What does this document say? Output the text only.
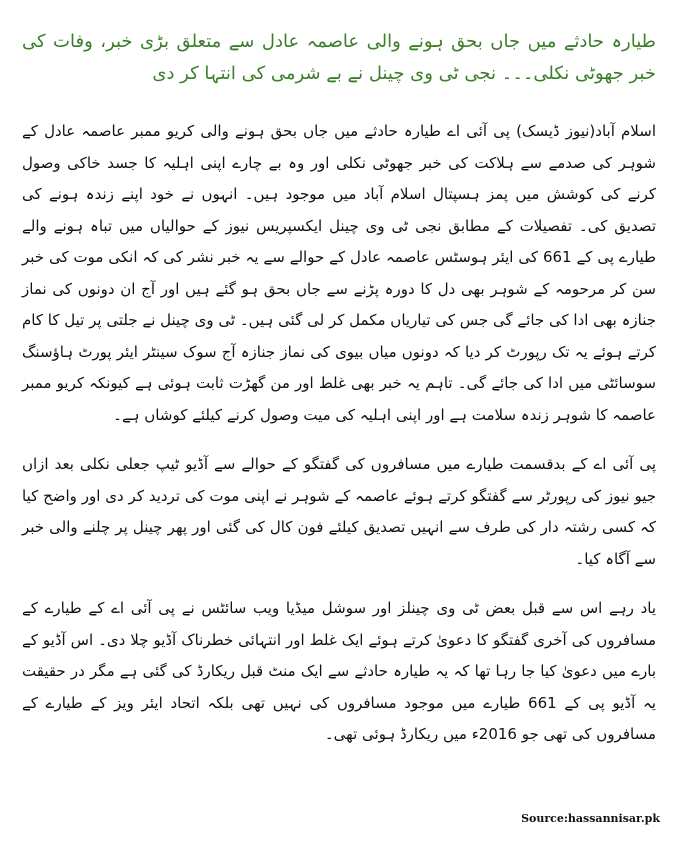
طیارہ حادثے میں جاں بحق ہونے والی عاصمہ عادل سے متعلق بڑی خبر، وفات کی خبر جھوٹی نکلی۔۔۔ نجی ٹی وی چینل نے بے شرمی کی انتہا کر دی

اسلام آباد(نیوز ڈیسک) پی آئی اے طیارہ حادثے میں جاں بحق ہونے والی کریو ممبر عاصمہ عادل کے شوہر کی صدمے سے ہلاکت کی خبر جھوٹی نکلی اور وہ بے چارے اپنی اہلیہ کا جسد خاکی وصول کرنے کی کوشش میں پمز ہسپتال اسلام آباد میں موجود ہیں۔ انہوں نے خود اپنے زندہ ہونے کی تصدیق کی۔ تفصیلات کے مطابق نجی ٹی وی چینل ایکسپریس نیوز کے حوالیاں میں تباہ ہونے والے طیارے پی کے 661 کی ایئر ہوسٹس عاصمہ عادل کے حوالے سے یہ خبر نشر کی کہ انکی موت کی خبر سن کر مرحومہ کے شوہر بھی دل کا دورہ پڑنے سے جاں بحق ہو گئے ہیں اور آج ان دونوں کی نماز جنازہ بھی ادا کی جائے گی جس کی تیاریاں مکمل کر لی گئی ہیں۔ ٹی وی چینل نے جلتی پر تیل کا کام کرتے ہوئے یہ تک رپورٹ کر دیا کہ دونوں میاں بیوی کی نماز جنازہ آج سوک سینٹر ایئر پورٹ ہاؤسنگ سوسائٹی میں ادا کی جائے گی۔ تاہم یہ خبر بھی غلط اور من گھڑت ثابت ہوئی ہے کیونکہ کریو ممبر عاصمہ کا شوہر زندہ سلامت ہے اور اپنی اہلیہ کی میت وصول کرنے کیلئے کوشاں ہے۔

پی آئی اے کے بدقسمت طیارے میں مسافروں کی گفتگو کے حوالے سے آڈیو ٹیپ جعلی نکلی بعد ازاں جیو نیوز کی رپورٹر سے گفتگو کرتے ہوئے عاصمہ کے شوہر نے اپنی موت کی تردید کر دی اور واضح کیا کہ کسی رشتہ دار کی طرف سے انہیں تصدیق کیلئے فون کال کی گئی اور پھر چینل پر چلنے والی خبر سے آگاہ کیا۔

یاد رہے اس سے قبل بعض ٹی وی چینلز اور سوشل میڈیا ویب سائٹس نے پی آئی اے کے طیارے کے مسافروں کی آخری گفتگو کا دعویٰ کرتے ہوئے ایک غلط اور انتہائی خطرناک آڈیو چلا دی۔ اس آڈیو کے بارے میں دعویٰ کیا جا رہا تھا کہ یہ طیارہ حادثے سے ایک منٹ قبل ریکارڈ کی گئی ہے مگر در حقیقت یہ آڈیو پی کے 661 طیارے میں موجود مسافروں کی نہیں تھی بلکہ اتحاد ایئر ویز کے طیارے کے مسافروں کی تھی جو 2016ء میں ریکارڈ ہوئی تھی۔

Source:hassannisar.pk
